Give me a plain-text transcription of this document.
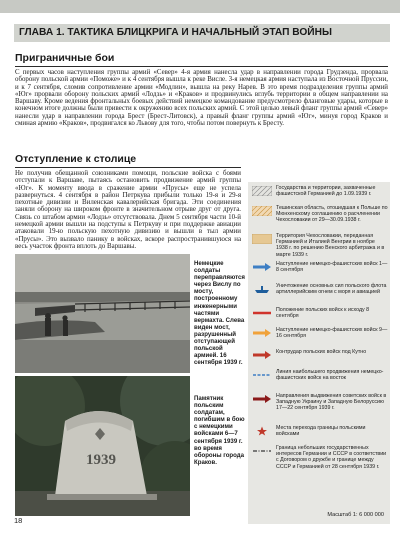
ГЛАВА 1. ТАКТИКА БЛИЦКРИГА И НАЧАЛЬНЫЙ ЭТАП ВОЙНЫ
Приграничные бои

С первых часов наступления группы армий «Север» 4-я армия нанесла удар в направлении города Грудзенда, прорвала оборону польской армии «Поможе» и к 4 сентября вышла к реке Висле. 3-я немецкая армия наступала из Восточной Пруссии, и к 7 сентября, сломив сопротивление армии «Модлин», вышла на реку Нарев. В это время подразделения группы армий «Юг» прорвали оборону польских армий «Лодзь» и «Краков» и продвинулись вглубь территории в общем направлении на Варшаву. Кроме ведения фронтальных боевых действий немецкое командование предусмотрело фланговые удары, которые в конечном итоге должны были привести к окружению всех польских армий. С этой целью левый фланг группы армий «Север» нанесли удар в направлении города Брест (Брест-Литовск), а правый фланг группы армий «Юг», минуя город Краков и сминая армию «Краков», продвигался ко Львову для того, чтобы потом повернуть к Бресту.

Отступление к столице

Не получив обещанной союзниками помощи, польские войска с боями отступали к Варшаве, пытаясь остановить продвижение армий группы «Юг». К моменту ввода в сражение армии «Прусы» еще не успела развернуться. 4 сентября в район Петркува прибыли только 19-я и 29-я пехотные дивизии и Виленская кавалерийская бригада. Эти соединения заняли оборону на широком фронте в значительном отрыве друг от друга. Связь со штабом армии «Лодзь» отсутствовала. Днем 5 сентября части 10-й немецкой армии вышли на подступы к Петркуву и при поддержке авиации атаковали 19-ю польскую пехотную дивизию и вышли в тыл армии «Прусы». Это вызвало панику в войсках, вскоре распространившуюся на весь участок фронта вплоть до Варшавы.

Немецкие солдаты переправляются через Вислу по мосту, построенному инженерными частями вермахта. Слева виден мост, разрушенный отступающей польской армией. 16 сентября 1939 г.

1939

Памятник польским солдатам, погибшим в бою с немецкими войсками 6—7 сентября 1939 г. во время обороны города Краков.

Государства и территории, захваченные фашистской Германией до 1.09.1939 г.
Тешинская область, отошедшая к Польше по Мюнхенскому соглашению о расчленении Чехословакии от 29—30.09.1938 г.
Территория Чехословакии, переданная Германией и Италией Венгрии в ноябре 1938 г. по решению Венского арбитража и в марте 1939 г.
Наступление немецко-фашистских войск 1—8 сентября
Уничтожение основных сил польского флота артиллерийским огнем с моря и авиацией
Положение польских войск к исходу 8 сентября
Наступление немецко-фашистских войск 9—16 сентября
Контрудар польских войск под Кутно
Линия наибольшего продвижения немецко-фашистских войск на восток
Направления выдвижения советских войск в Западную Украину и Западную Белоруссию 17—22 сентября 1939 г.
Места перехода границы польскими войсками
Граница небольших государственных интересов Германии и СССР в соответствии с Договором о дружбе и границе между СССР и Германией от 28 сентября 1939 г.
Масштаб 1: 6 000 000
18
